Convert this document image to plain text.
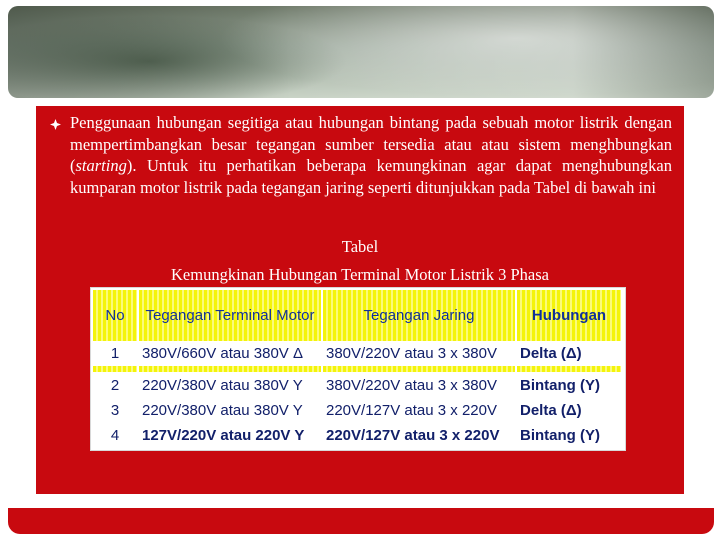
Penggunaan hubungan segitiga atau hubungan bintang pada sebuah motor listrik dengan mempertimbangkan besar tegangan sumber tersedia atau atau sistem menghbungkan (starting). Untuk itu perhatikan beberapa kemungkinan agar dapat menghubungkan kumparan motor listrik pada tegangan jaring seperti ditunjukkan pada Tabel di bawah ini
Tabel
Kemungkinan Hubungan Terminal Motor Listrik 3 Phasa
No	Tegangan Terminal Motor	Tegangan Jaring	Hubungan
1	380V/660V atau 380V Δ	380V/220V atau 3 x 380V	Delta (Δ)

2	220V/380V atau 380V Y	380V/220V atau 3 x 380V	Bintang (Y)
3	220V/380V atau 380V Y	220V/127V atau 3 x 220V	Delta (Δ)
4	127V/220V atau 220V Y	220V/127V atau 3 x 220V	Bintang (Y)
